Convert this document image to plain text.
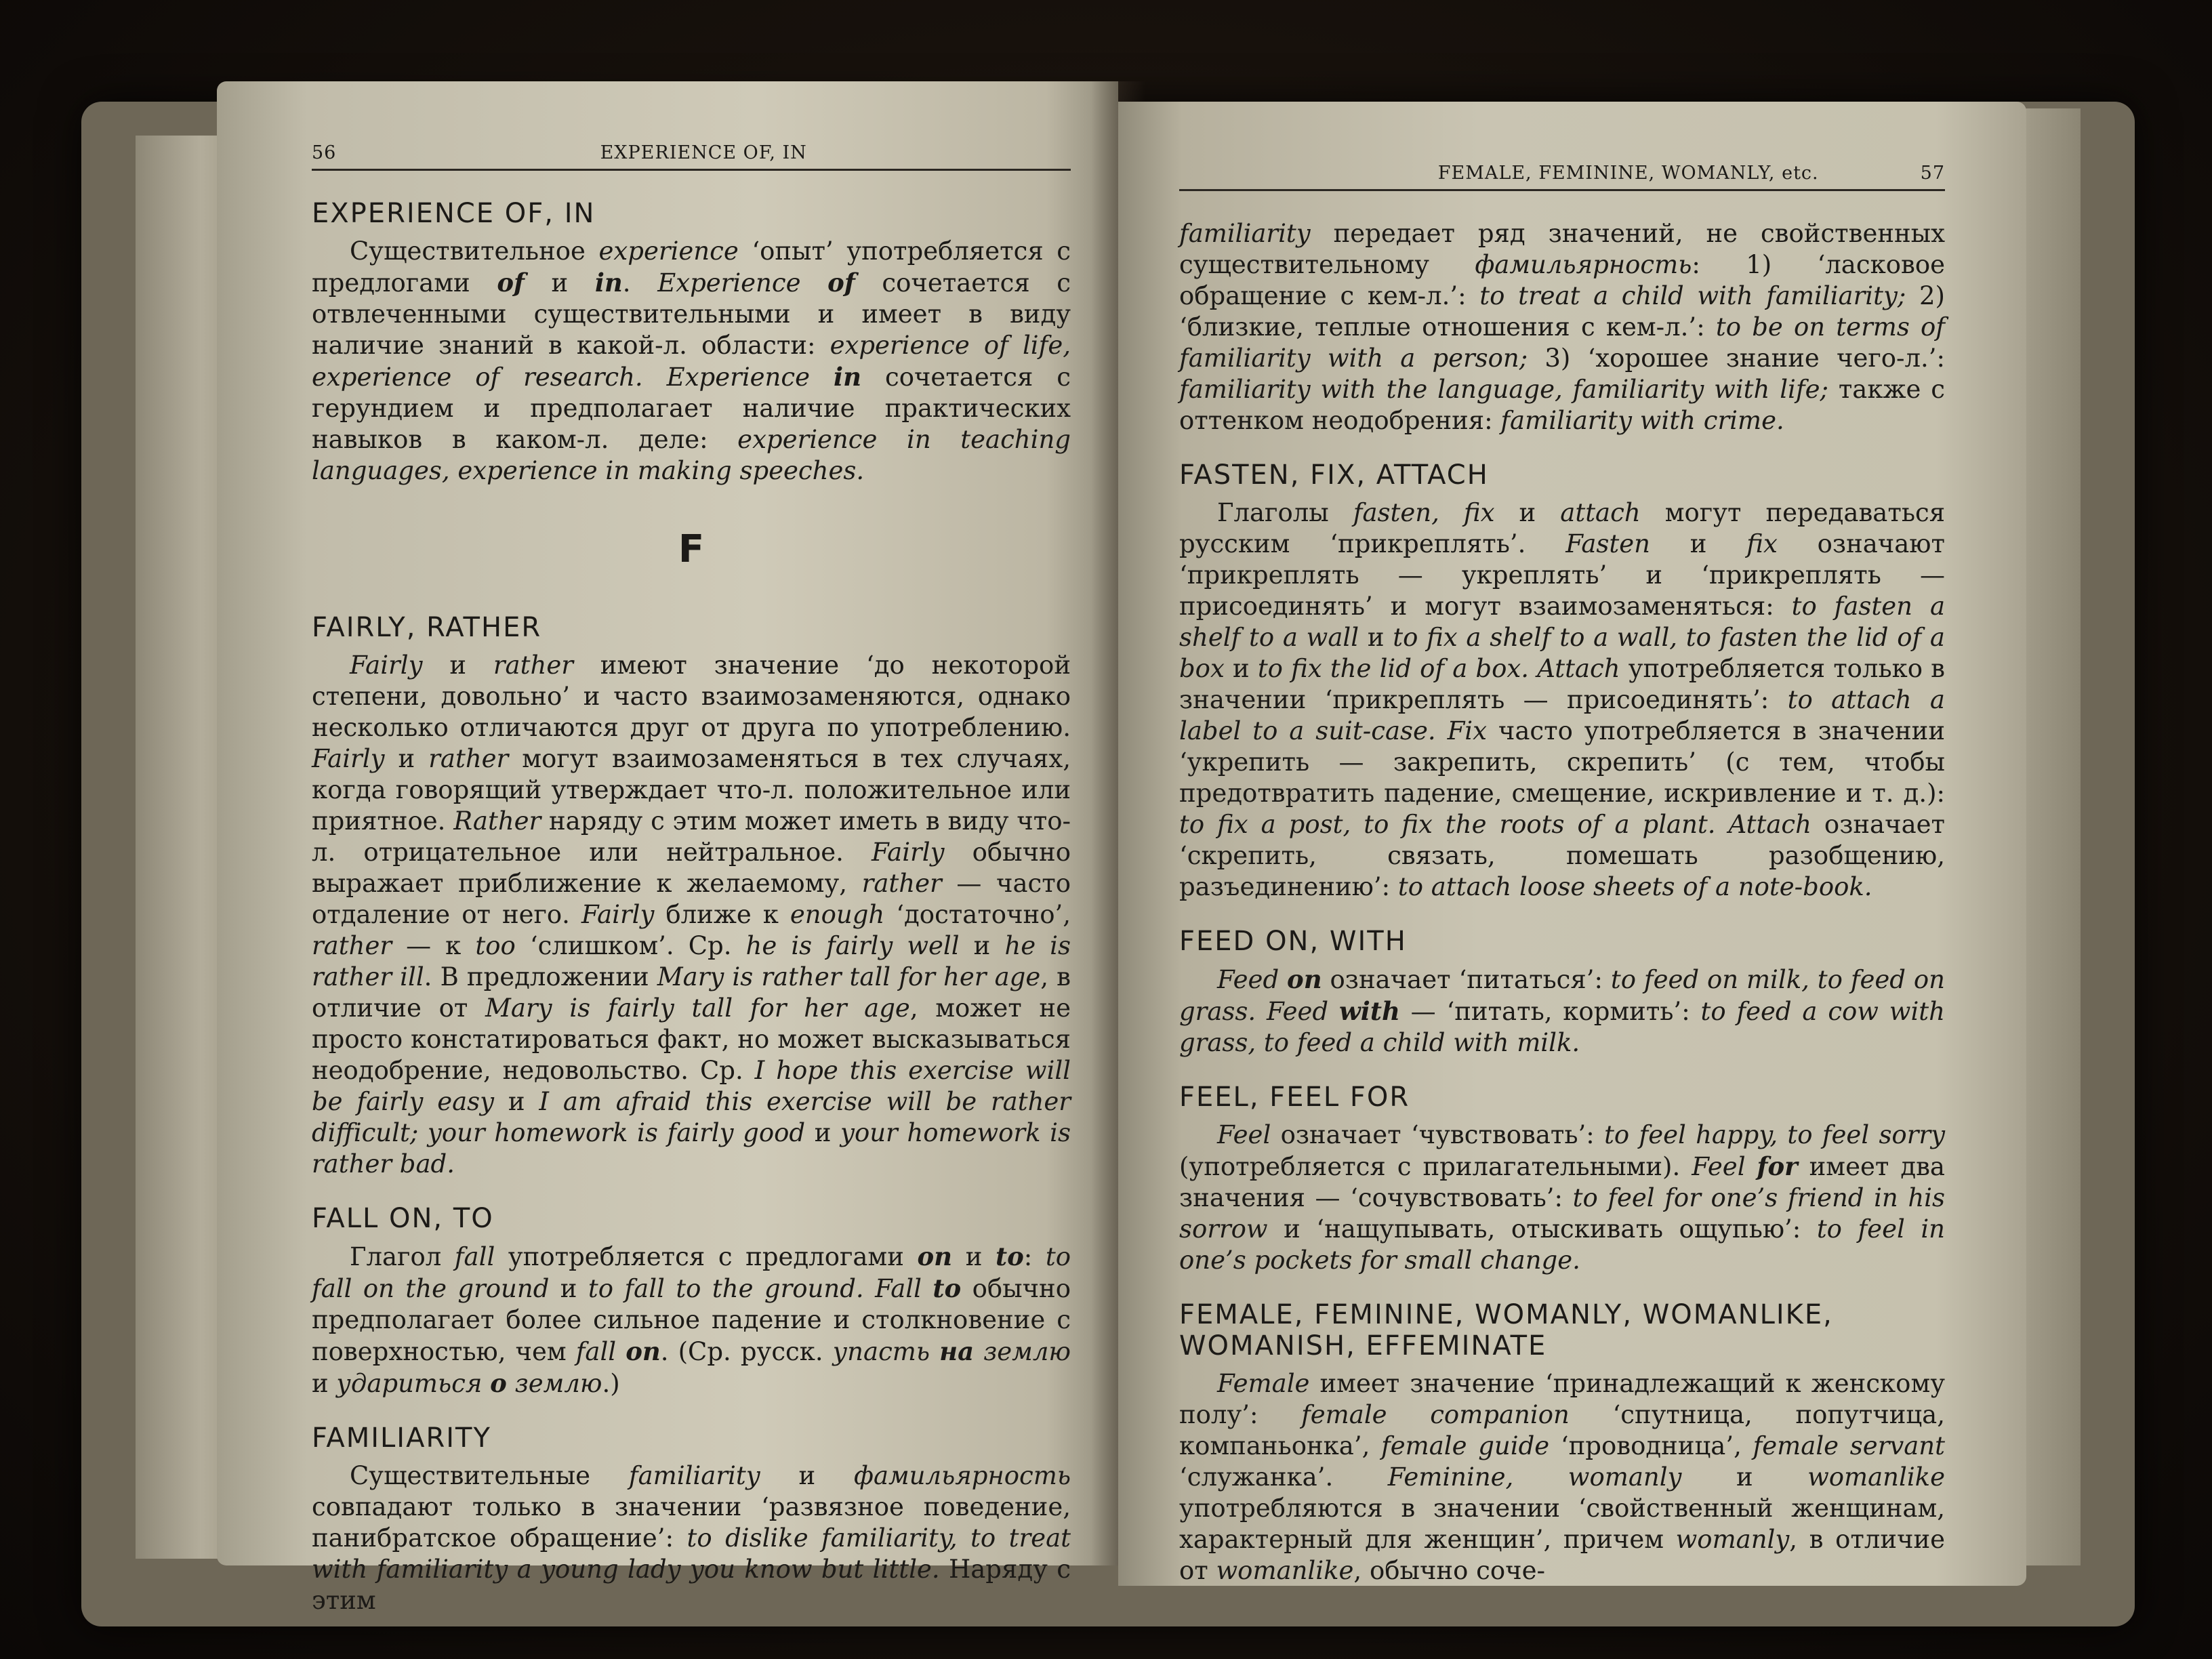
56	EXPERIENCE OF, IN
EXPERIENCE OF, IN

Существительное experience ‘опыт’ употребляется с предлогами of и in. Experience of сочетается с отвлеченными существительными и имеет в виду наличие знаний в какой-л. области: experience of life, experience of research. Experience in сочетается с герундием и предполагает наличие практических навыков в каком-л. деле: experience in teaching languages, experience in making speeches.

F
FAIRLY, RATHER

Fairly и rather имеют значение ‘до некоторой степени, довольно’ и часто взаимозаменяются, однако несколько отличаются друг от друга по употреблению. Fairly и rather могут взаимозаменяться в тех случаях, когда говорящий утверждает что-л. положительное или приятное. Rather наряду с этим может иметь в виду что-л. отрицательное или нейтральное. Fairly обычно выражает приближение к желаемому, rather — часто отдаление от него. Fairly ближе к enough ‘достаточно’, rather — к too ‘слишком’. Ср. he is fairly well и he is rather ill. В предложении Mary is rather tall for her age, в отличие от Mary is fairly tall for her age, может не просто констатироваться факт, но может высказываться неодобрение, недовольство. Ср. I hope this exercise will be fairly easy и I am afraid this exercise will be rather difficult; your homework is fairly good и your homework is rather bad.

FALL ON, TO

Глагол fall употребляется с предлогами on и to: to fall on the ground и to fall to the ground. Fall to обычно предполагает более сильное падение и столкновение с поверхностью, чем fall on. (Ср. русск. упасть на землю и удариться о землю.)

FAMILIARITY

Существительные familiarity и фамильярность совпадают только в значении ‘развязное поведение, панибратское обращение’: to dislike familiarity, to treat with familiarity a young lady you know but little. Наряду с этим

FEMALE, FEMININE, WOMANLY, etc.	57

familiarity передает ряд значений, не свойственных существительному фамильярность: 1) ‘ласковое обращение с кем-л.’: to treat a child with familiarity; 2) ‘близкие, теплые отношения с кем-л.’: to be on terms of familiarity with a person; 3) ‘хорошее знание чего-л.’: familiarity with the language, familiarity with life; также с оттенком неодобрения: familiarity with crime.

FASTEN, FIX, ATTACH

Глаголы fasten, fix и attach могут передаваться русским ‘прикреплять’. Fasten и fix означают ‘прикреплять — укреплять’ и ‘прикреплять — присоединять’ и могут взаимозаменяться: to fasten a shelf to a wall и to fix a shelf to a wall, to fasten the lid of a box и to fix the lid of a box. Attach употребляется только в значении ‘прикреплять — присоединять’: to attach a label to a suit-case. Fix часто употребляется в значении ‘укрепить — закрепить, скрепить’ (с тем, чтобы предотвратить падение, смещение, искривление и т. д.): to fix a post, to fix the roots of a plant. Attach означает ‘скрепить, связать, помешать разобщению, разъединению’: to attach loose sheets of a note-book.

FEED ON, WITH

Feed on означает ‘питаться’: to feed on milk, to feed on grass. Feed with — ‘питать, кормить’: to feed a cow with grass, to feed a child with milk.

FEEL, FEEL FOR

Feel означает ‘чувствовать’: to feel happy, to feel sorry (употребляется с прилагательными). Feel for имеет два значения — ‘сочувствовать’: to feel for one’s friend in his sorrow и ‘нащупывать, отыскивать ощупью’: to feel in one’s pockets for small change.

FEMALE, FEMININE, WOMANLY, WOMANLIKE, WOMANISH, EFFEMINATE

Female имеет значение ‘принадлежащий к женскому полу’: female companion ‘спутница, попутчица, компаньонка’, female guide ‘проводница’, female servant ‘служанка’. Feminine, womanly и womanlike употребляются в значении ‘свойственный женщинам, характерный для женщин’, причем womanly, в отличие от womanlike, обычно соче-
